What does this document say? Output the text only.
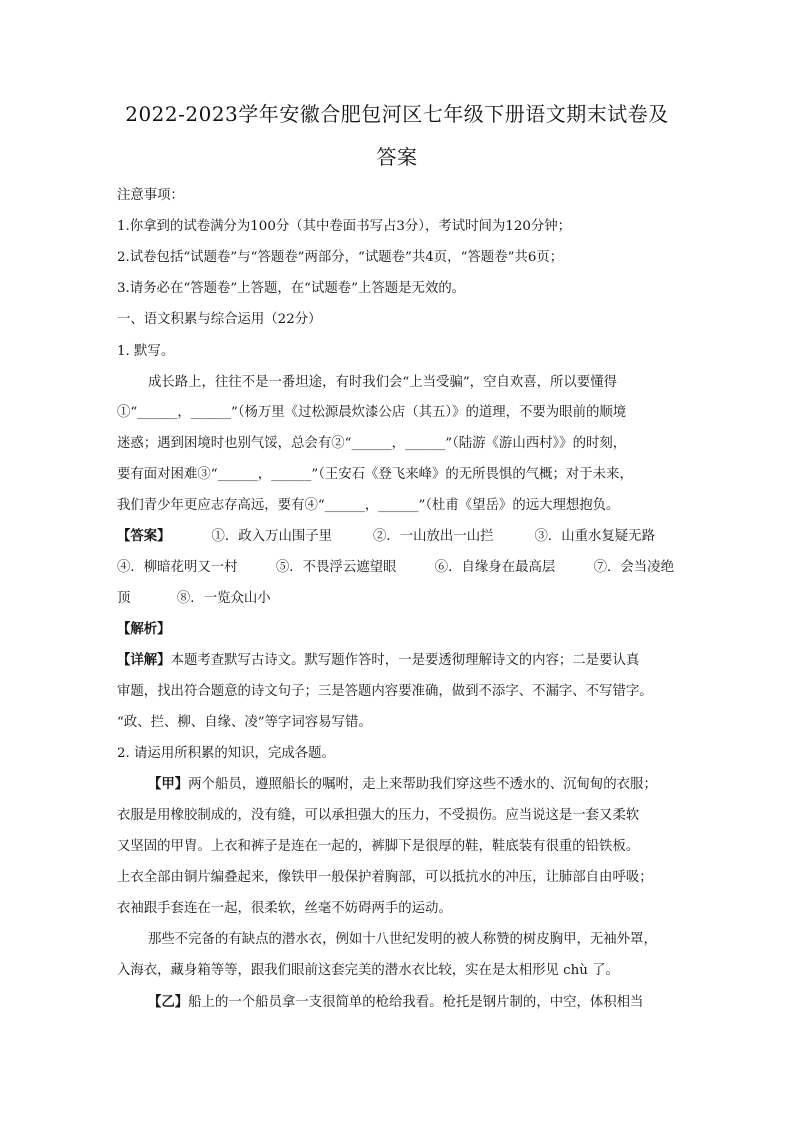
2022-2023学年安徽合肥包河区七年级下册语文期末试卷及
答案
注意事项：
1.你拿到的试卷满分为100分（其中卷面书写占3分），考试时间为120分钟；
2.试卷包括“试题卷”与“答题卷”两部分，“试题卷”共4页，“答题卷”共6页；
3.请务必在“答题卷”上答题，在“试题卷”上答题是无效的。
一、语文积累与综合运用（22分）
1. 默写。
成长路上，往往不是一番坦途，有时我们会“上当受骗”，空自欢喜，所以要懂得
①“______，______”（杨万里《过松源晨炊漆公店（其五）》的道理，不要为眼前的顺境
迷惑；遇到困境时也别气馁，总会有②“______，______”（陆游《游山西村》》的时刻，
要有面对困难③“______，______”（王安石《登飞来峰》的无所畏惧的气概；对于未来，
我们青少年更应志存高远，要有④“______，______”（杜甫《望岳》的远大理想抱负。
【答案】	①．政入万山围子里	②．一山放出一山拦	③．山重水复疑无路
④．柳暗花明又一村	⑤．不畏浮云遮望眼	⑥．自缘身在最高层	⑦．会当凌绝
顶	⑧．一览众山小
【解析】
【详解】本题考查默写古诗文。默写题作答时，一是要透彻理解诗文的内容；二是要认真
审题，找出符合题意的诗文句子；三是答题内容要准确，做到不添字、不漏字、不写错字。
“政、拦、柳、自缘、凌”等字词容易写错。
2. 请运用所积累的知识，完成各题。
【甲】两个船员，遵照船长的嘱咐，走上来帮助我们穿这些不透水的、沉甸甸的衣服；
衣服是用橡胶制成的，没有缝，可以承担强大的压力，不受损伤。应当说这是一套又柔软
又坚固的甲胄。上衣和裤子是连在一起的，裤脚下是很厚的鞋，鞋底装有很重的铅铁板。
上衣全部由铜片编叠起来，像铁甲一般保护着胸部，可以抵抗水的冲压，让肺部自由呼吸；
衣袖跟手套连在一起，很柔软，丝毫不妨碍两手的运动。
那些不完备的有缺点的潜水衣，例如十八世纪发明的被人称赞的树皮胸甲，无袖外罩，
入海衣，藏身箱等等，跟我们眼前这套完美的潜水衣比较，实在是太相形见 chù 了。
【乙】船上的一个船员拿一支很简单的枪给我看。枪托是钢片制的，中空，体积相当
